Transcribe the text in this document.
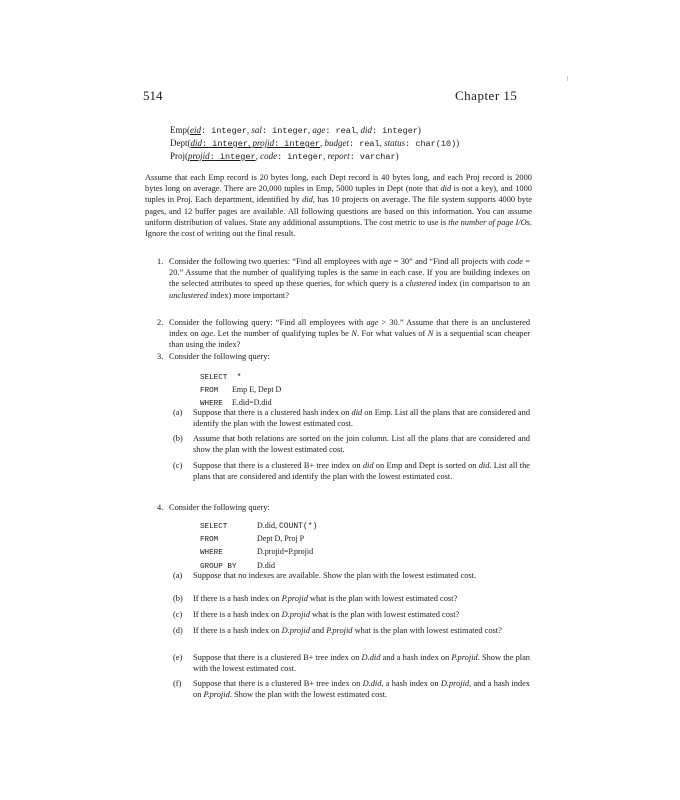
514	Chapter 15
Emp(eid: integer, sal: integer, age: real, did: integer)
Dept(did: integer, projid: integer, budget: real, status: char(10))
Proj(projid: integer, code: integer, report: varchar)
Assume that each Emp record is 20 bytes long, each Dept record is 40 bytes long, and each Proj record is 2000 bytes long on average. There are 20,000 tuples in Emp, 5000 tuples in Dept (note that did is not a key), and 1000 tuples in Proj. Each department, identified by did, has 10 projects on average. The file system supports 4000 byte pages, and 12 buffer pages are available. All following questions are based on this information. You can assume uniform distribution of values. State any additional assumptions. The cost metric to use is the number of page I/Os. Ignore the cost of writing out the final result.
1. Consider the following two queries: “Find all employees with age = 30” and “Find all projects with code = 20.” Assume that the number of qualifying tuples is the same in each case. If you are building indexes on the selected attributes to speed up these queries, for which query is a clustered index (in comparison to an unclustered index) more important?
2. Consider the following query: “Find all employees with age > 30.” Assume that there is an unclustered index on age. Let the number of qualifying tuples be N. For what values of N is a sequential scan cheaper than using the index?
3. Consider the following query:
SELECT *
FROM Emp E, Dept D
WHERE E.did=D.did
(a) Suppose that there is a clustered hash index on did on Emp. List all the plans that are considered and identify the plan with the lowest estimated cost.
(b) Assume that both relations are sorted on the join column. List all the plans that are considered and show the plan with the lowest estimated cost.
(c) Suppose that there is a clustered B+ tree index on did on Emp and Dept is sorted on did. List all the plans that are considered and identify the plan with the lowest estimated cost.
4. Consider the following query:
SELECT	D.did, COUNT(*)
FROM	Dept D, Proj P
WHERE	D.projid=P.projid
GROUP BY	D.did
(a) Suppose that no indexes are available. Show the plan with the lowest estimated cost.
(b) If there is a hash index on P.projid what is the plan with lowest estimated cost?
(c) If there is a hash index on D.projid what is the plan with lowest estimated cost?
(d) If there is a hash index on D.projid and P.projid what is the plan with lowest estimated cost?
(e) Suppose that there is a clustered B+ tree index on D.did and a hash index on P.projid. Show the plan with the lowest estimated cost.
(f) Suppose that there is a clustered B+ tree index on D.did, a hash index on D.projid, and a hash index on P.projid. Show the plan with the lowest estimated cost.
